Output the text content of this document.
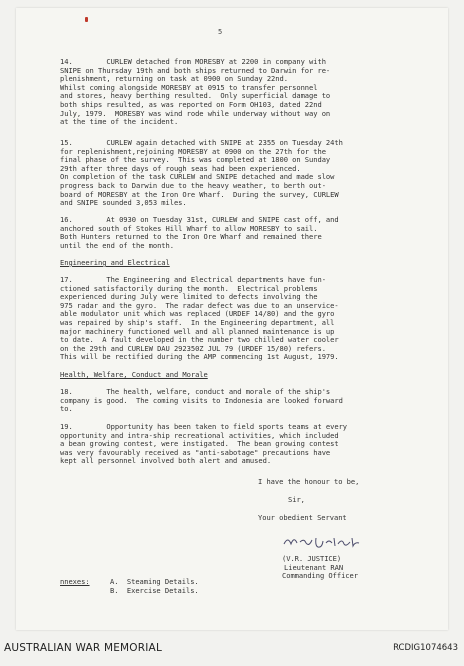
5
14.        CURLEW detached from MORESBY at 2200 in company with
SNIPE on Thursday 19th and both ships returned to Darwin for re-
plenishment, returning on task at 0900 on Sunday 22nd.
Whilst coming alongside MORESBY at 0915 to transfer personnel
and stores, heavy berthing resulted.  Only superficial damage to
both ships resulted, as was reported on Form OH103, dated 22nd
July, 1979.  MORESBY was wind rode while underway without way on
at the time of the incident.
15.        CURLEW again detached with SNIPE at 2355 on Tuesday 24th
for replenishment,rejoining MORESBY at 0900 on the 27th for the
final phase of the survey.  This was completed at 1800 on Sunday
29th after three days of rough seas had been experienced.
On completion of the task CURLEW and SNIPE detached and made slow
progress back to Darwin due to the heavy weather, to berth out-
board of MORESBY at the Iron Ore Wharf.  During the survey, CURLEW
and SNIPE sounded 3,053 miles.
16.        At 0930 on Tuesday 31st, CURLEW and SNIPE cast off, and
anchored south of Stokes Hill Wharf to allow MORESBY to sail.
Both Hunters returned to the Iron Ore Wharf and remained there
until the end of the month.
Engineering and Electrical
17.        The Engineering and Electrical departments have fun-
ctioned satisfactorily during the month.  Electrical problems
experienced during July were limited to defects involving the
975 radar and the gyro.  The radar defect was due to an unservice-
able modulator unit which was replaced (URDEF 14/80) and the gyro
was repaired by ship's staff.  In the Engineering department, all
major machinery functioned well and all planned maintenance is up
to date.  A fault developed in the number two chilled water cooler
on the 29th and CURLEW DAU 292350Z JUL 79 (URDEF 15/80) refers.
This will be rectified during the AMP commencing 1st August, 1979.
Health, Welfare, Conduct and Morale
18.        The health, welfare, conduct and morale of the ship's
company is good.  The coming visits to Indonesia are looked forward
to.
19.        Opportunity has been taken to field sports teams at every
opportunity and intra-ship recreational activities, which included
a bean growing contest, were instigated.  The bean growing contest
was very favourably received as "anti-sabotage" precautions have
kept all personnel involved both alert and amused.
I have the honour to be,
Sir,
Your obedient Servant
(V.R. JUSTICE)
Lieutenant RAN
Commanding Officer
nnexes:	A.  Steaming Details.
B.  Exercise Details.
AUSTRALIAN WAR MEMORIAL	RCDIG1074643
